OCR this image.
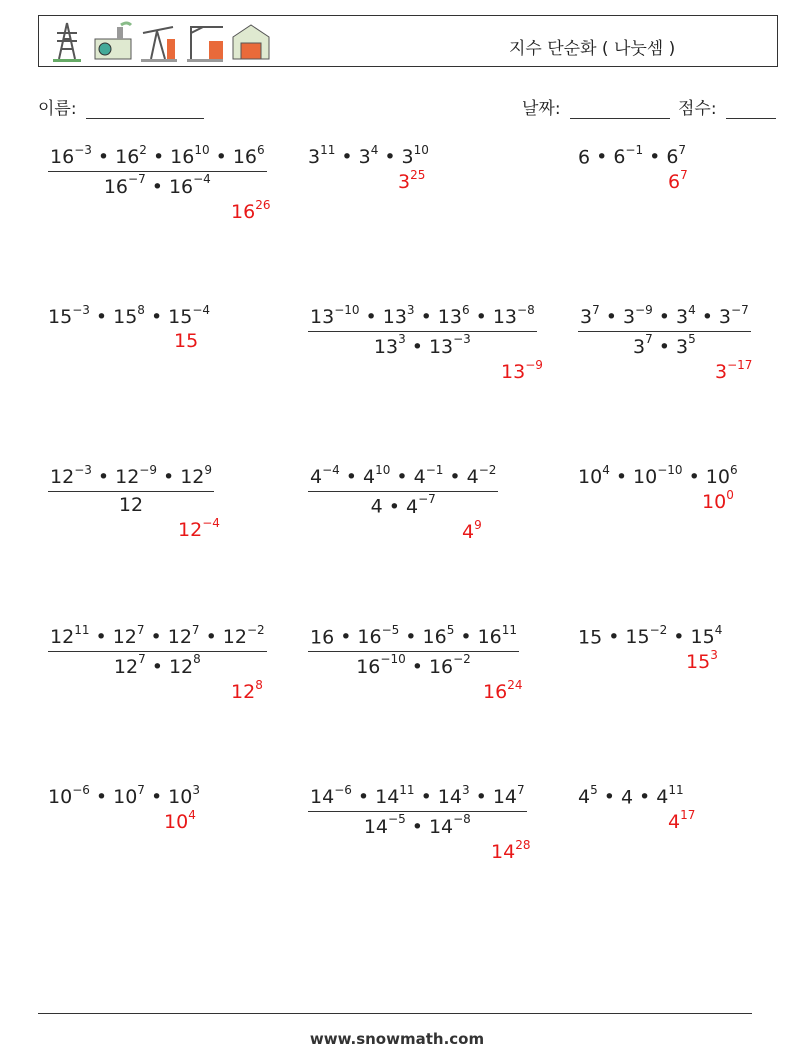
지수 단순화 ( 나눗셈 )
이름:	날짜:	점수:
$\frac{16^{-3} • 16^2 • 16^{10} • 16^6}{16^{-7} • 16^{-4}}$
$16^{26}$
$3^{11}$ • $3^4$ • $3^{10}$
$3^{25}$
6 • $6^{-1}$ • $6^7$
$6^7$
$15^{-3}$ • $15^8$ • $15^{-4}$
15	$\frac{13^{-10} • 13^3 • 13^6 • 13^{-8}}{13^3 • 13^{-3}}$
$13^{-9}$
$\frac{3^7 • 3^{-9} • 3^4 • 3^{-7}}{3^7 • 3^5}$
$3^{-17}$
$\frac{12^{-3} • 12^{-9} • 12^9}{12}$
$12^{-4}$
$\frac{4^{-4} • 4^{10} • 4^{-1} • 4^{-2}}{4 • 4^{-7}}$
$4^9$
$10^4$ • $10^{-10}$ • $10^6$
$10^0$
$\frac{12^{11} • 12^7 • 12^7 • 12^{-2}}{12^7 • 12^8}$
$12^8$
$\frac{16 • 16^{-5} • 16^5 • 16^{11}}{16^{-10} • 16^{-2}}$
$16^{24}$
15 • $15^{-2}$ • $15^4$
$15^3$
$10^{-6}$ • $10^7$ • $10^3$
$10^4$	$\frac{14^{-6} • 14^{11} • 14^3 • 14^7}{14^{-5} • 14^{-8}}$
$14^{28}$
$4^5$ • 4 • $4^{11}$
$4^{17}$
www.snowmath.com
